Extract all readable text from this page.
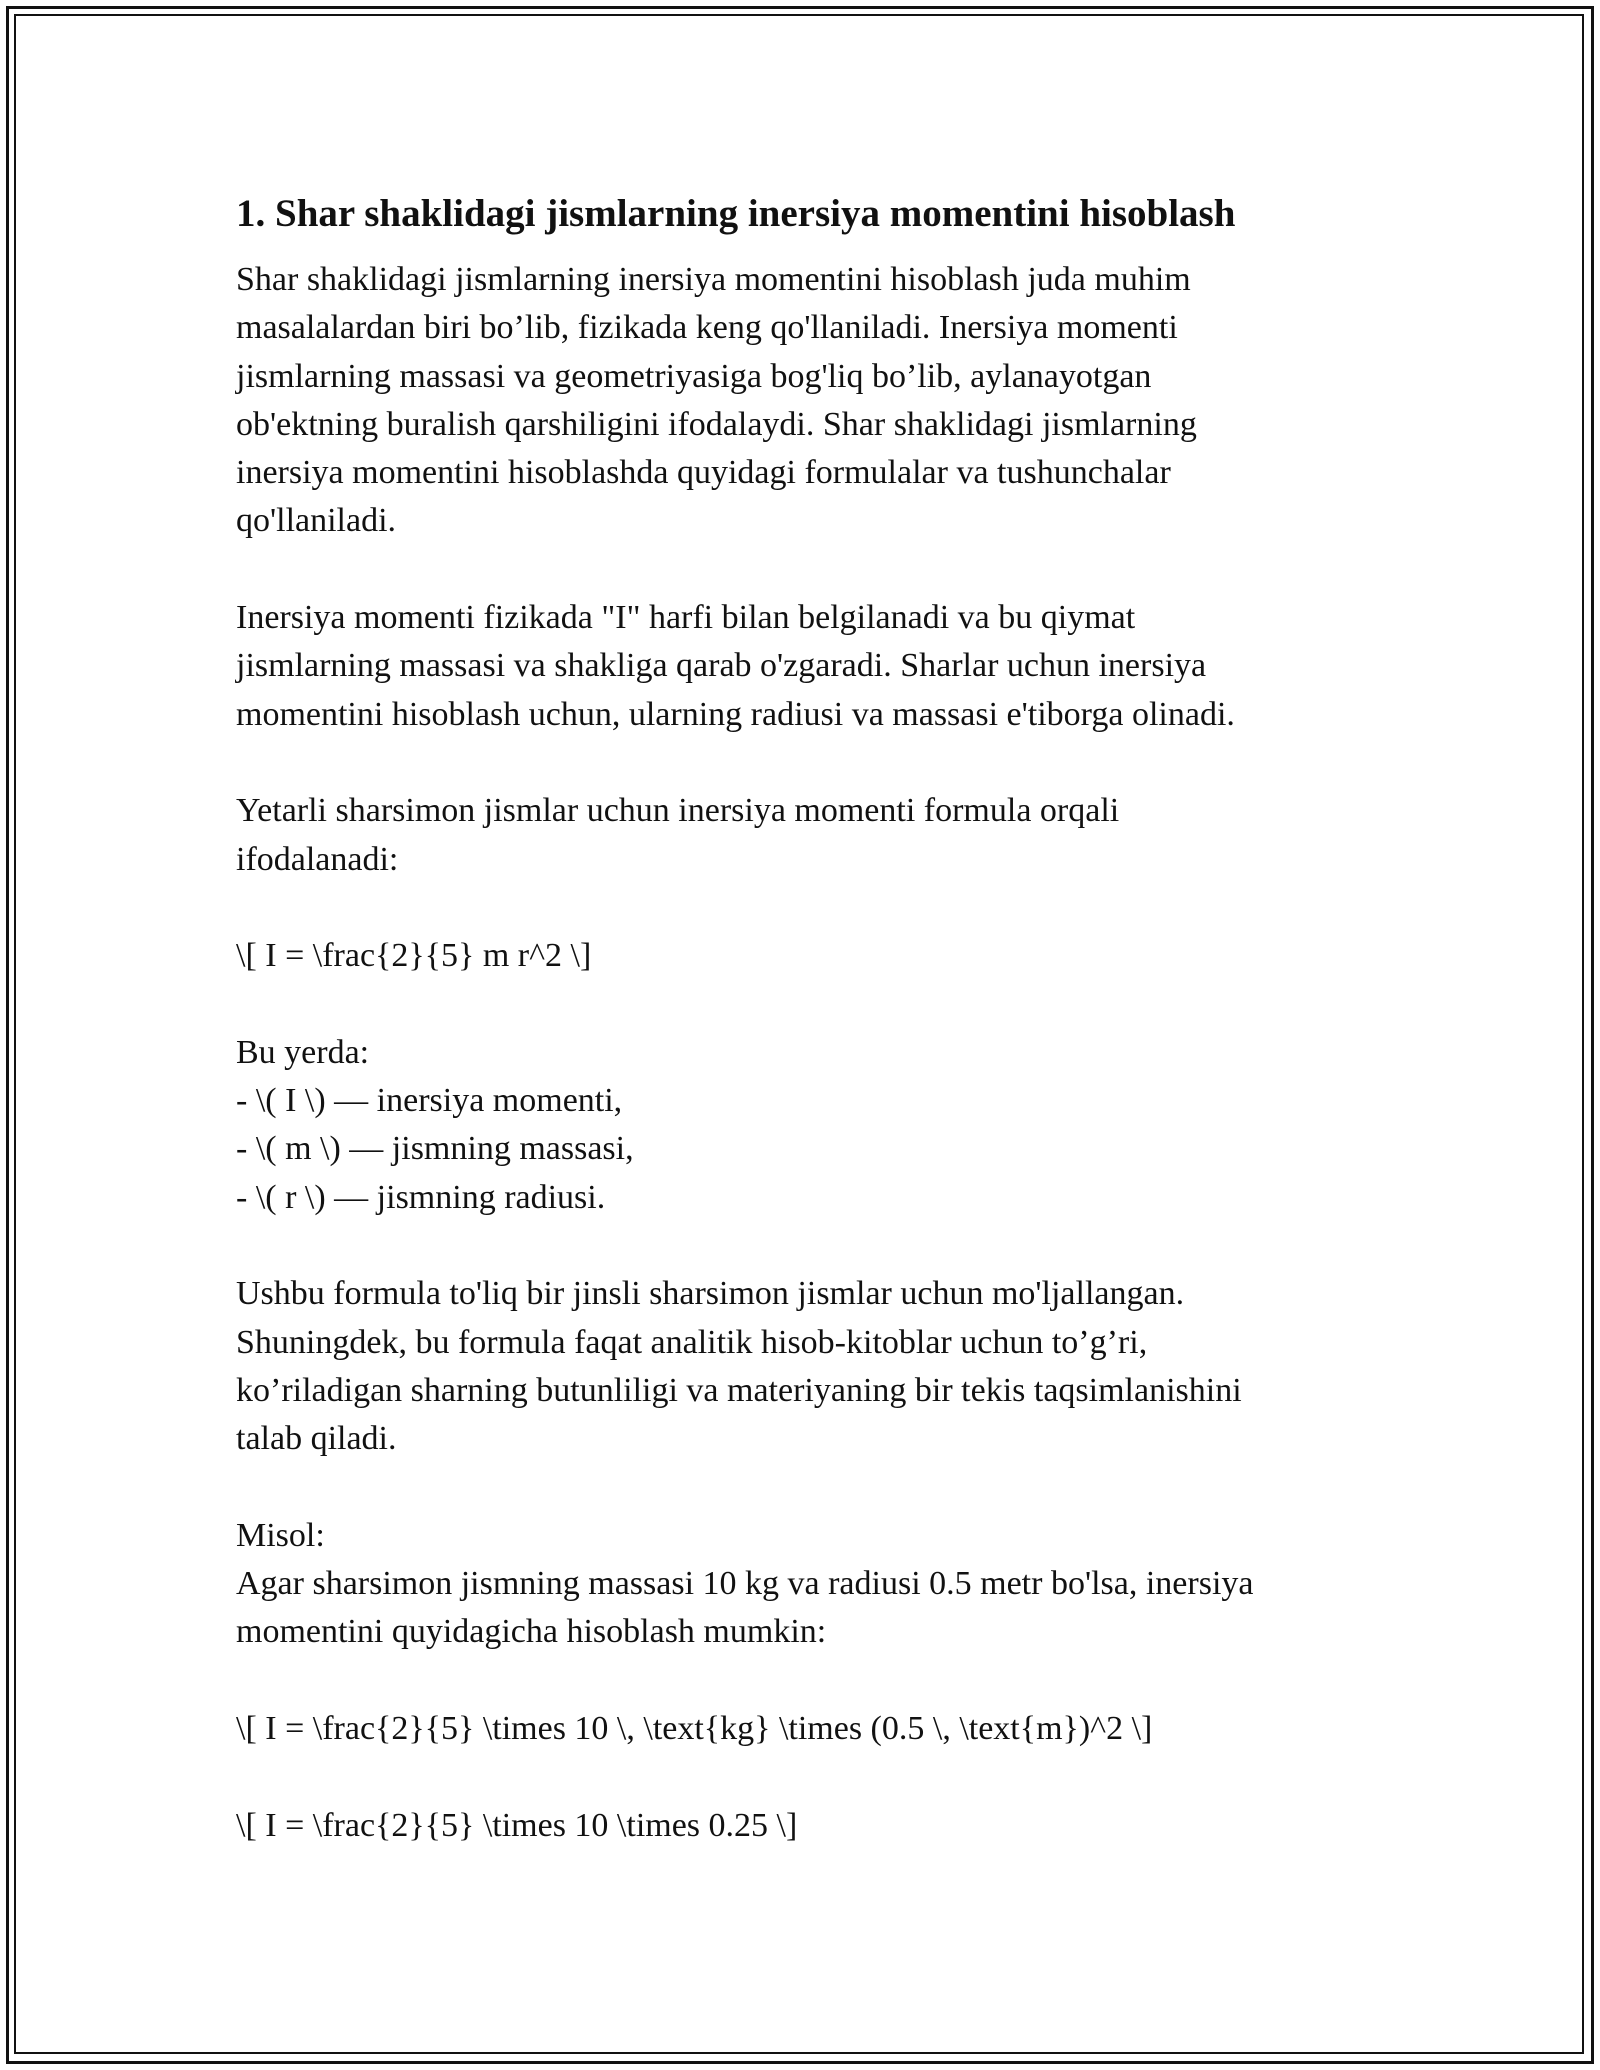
1. Shar shaklidagi jismlarning inersiya momentini hisoblash

Shar shaklidagi jismlarning inersiya momentini hisoblash juda muhim
masalalardan biri bo’lib, fizikada keng qo'llaniladi. Inersiya momenti
jismlarning massasi va geometriyasiga bog'liq bo’lib, aylanayotgan
ob'ektning buralish qarshiligini ifodalaydi. Shar shaklidagi jismlarning
inersiya momentini hisoblashda quyidagi formulalar va tushunchalar
qo'llaniladi.

Inersiya momenti fizikada "I" harfi bilan belgilanadi va bu qiymat
jismlarning massasi va shakliga qarab o'zgaradi. Sharlar uchun inersiya
momentini hisoblash uchun, ularning radiusi va massasi e'tiborga olinadi.

Yetarli sharsimon jismlar uchun inersiya momenti formula orqali
ifodalanadi:

\[ I = \frac{2}{5} m r^2 \]

Bu yerda:
- \( I \) — inersiya momenti,
- \( m \) — jismning massasi,
- \( r \) — jismning radiusi.

Ushbu formula to'liq bir jinsli sharsimon jismlar uchun mo'ljallangan.
Shuningdek, bu formula faqat analitik hisob-kitoblar uchun to’g’ri,
ko’riladigan sharning butunliligi va materiyaning bir tekis taqsimlanishini
talab qiladi.

Misol:
Agar sharsimon jismning massasi 10 kg va radiusi 0.5 metr bo'lsa, inersiya
momentini quyidagicha hisoblash mumkin:

\[ I = \frac{2}{5} \times 10 \, \text{kg} \times (0.5 \, \text{m})^2 \]

\[ I = \frac{2}{5} \times 10 \times 0.25 \]
